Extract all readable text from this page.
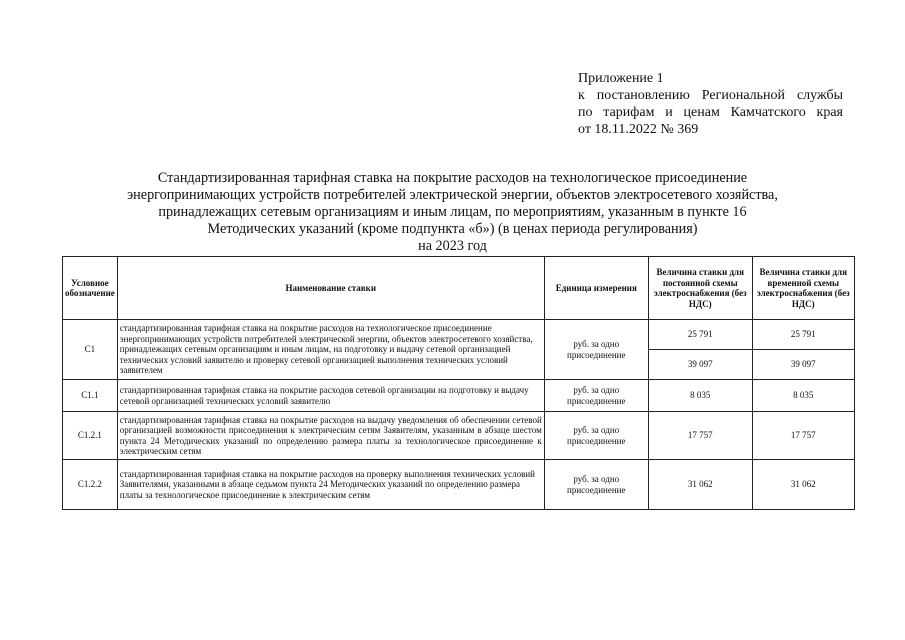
Приложение 1
к постановлению Региональной службы
по тарифам и ценам Камчатского края
от 18.11.2022 № 369
Стандартизированная тарифная ставка на покрытие расходов на технологическое присоединение
энергопринимающих устройств потребителей электрической энергии, объектов электросетевого хозяйства,
принадлежащих сетевым организациям и иным лицам, по мероприятиям, указанным в пункте 16
Методических указаний (кроме подпункта «б») (в ценах периода регулирования)
на 2023 год
Условное обозначение	Наименование ставки	Единица измерения	Величина ставки для постоянной схемы электроснабжения (без НДС)	Величина ставки для временной схемы электроснабжения (без НДС)
С1	стандартизированная тарифная ставка на покрытие расходов на технологическое присоединение энергопринимающих устройств потребителей электрической энергии, объектов электросетевого хозяйства, принадлежащих сетевым организациям и иным лицам, на подготовку и выдачу сетевой организацией технических условий заявителю и проверку сетевой организацией выполнения технических условий заявителем	руб. за одно присоединение	25 791	25 791
			39 097	39 097
С1.1	стандартизированная тарифная ставка на покрытие расходов сетевой организации на подготовку и выдачу сетевой организацией технических условий заявителю	руб. за одно присоединение	8 035	8 035
С1.2.1	стандартизированная тарифная ставка на покрытие расходов на выдачу уведомления об обеспечении сетевой организацией возможности присоединения к электрическим сетям Заявителям, указанным в абзаце шестом пункта 24 Методических указаний по определению размера платы за технологическое присоединение к электрическим сетям	руб. за одно присоединение	17 757	17 757
С1.2.2	стандартизированная тарифная ставка на покрытие расходов на проверку выполнения технических условий Заявителями, указанными в абзаце седьмом пункта 24 Методических указаний по определению размера платы за технологическое присоединение к электрическим сетям	руб. за одно присоединение	31 062	31 062
